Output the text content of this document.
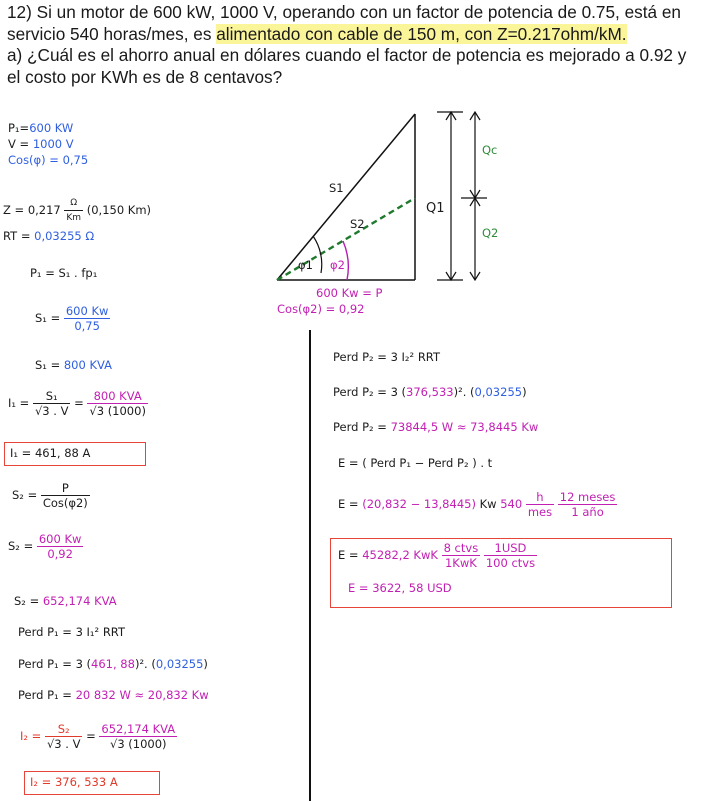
12) Si un motor de 600 kW, 1000 V, operando con un factor de potencia de 0.75, está en
servicio 540 horas/mes, es alimentado con cable de 150 m, con Z=0.217ohm/kM.
a) ¿Cuál es el ahorro anual en dólares cuando el factor de potencia es mejorado a 0.92 y
el costo por KWh es de 8 centavos?
P₁=600 KW
V = 1000 V
Cos(φ) = 0,75
$Z = 0,217 \frac{\Omega}{Km} (0,150$ Km)
RT = 0,03255 Ω
P₁ = S₁ . fp₁
S1
S2
Q1
Qc
Q2
φ1 φ2
600 Kw = P
Cos(φ2) = 0,92
$S_1 = \frac{600 Kw}{0,75}$
S₁ = 800 KVA
$I_1 = \frac{\text{S₁}}{√3 . V} = \frac{\text{800 KVA}}{√3 (1000)}$
I₁ = 461, 88 A
$S_2 = \frac{P}{\text{Cos(φ2)}}$
$S_2 = \frac{600 Kw}{0,92}$
S₂ = 652,174 KVA
Perd P₁ = 3 I₁² RRT
Perd P₁ = 3 (461, 88)². (0,03255)
Perd P₁ = 20 832 W ≈ 20,832 Kw
$I_2 = \frac{\text{S₂}}{√3 . V} = \frac{\text{652,174 KVA}}{√3 (1000)}$
I₂ = 376, 533 A
Perd P₂ = 3 I₂² RRT
Perd P₂ = 3 (376,533)². (0,03255)
Perd P₂ = 73844,5 W ≈ 73,8445 Kw
E = ( Perd P₁ − Perd P₂ ) . t
E = (20,832 − 13,8445) Kw $540 \frac{h}{\text{mes}}$
$\frac{\text{12 meses}}{\text{1 año}}$
E = 45282,2 KwK $\frac{\text{8 ctvs}}{\text{1KwK}}$
$\frac{\text{1USD}}{\text{100 ctvs}}$
E = 3622, 58 USD
